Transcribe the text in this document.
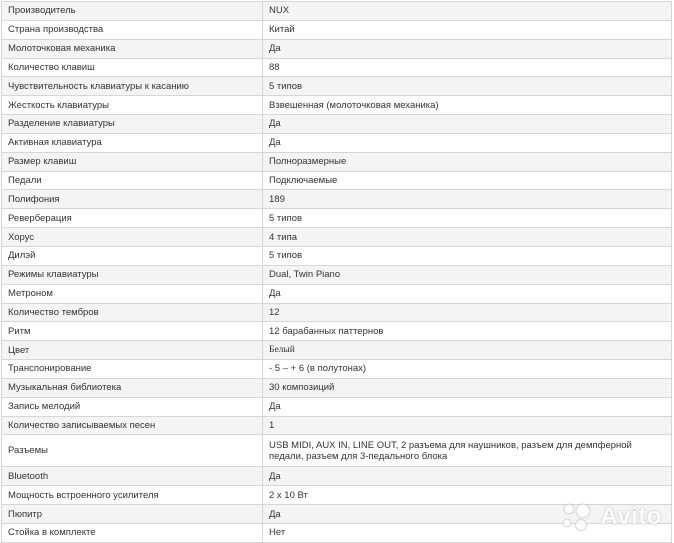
Производитель	NUX
Страна производства	Китай
Молоточковая механика	Да
Количество клавиш	88
Чувствительность клавиатуры к касанию	5 типов
Жесткость клавиатуры	Взвешенная (молоточковая механика)
Разделение клавиатуры	Да
Активная клавиатура	Да
Размер клавиш	Полноразмерные
Педали	Подключаемые
Полифония	189
Реверберация	5 типов
Хорус	4 типа
Дилэй	5 типов
Режимы клавиатуры	Dual, Twin Piano
Метроном	Да
Количество тембров	12
Ритм	12 барабанных паттернов
Цвет	Белый
Транспонирование	- 5 – + 6 (в полутонах)
Музыкальная библиотека	30 композиций
Запись мелодий	Да
Количество записываемых песен	1
Разъемы	USB MIDI, AUX IN, LINE OUT, 2 разъема для наушников, разъем для демпферной педали, разъем для 3-педального блока
Bluetooth	Да
Мощность встроенного усилителя	2 х 10 Вт
Пюпитр	Да
Стойка в комплекте	Нет
Avito
